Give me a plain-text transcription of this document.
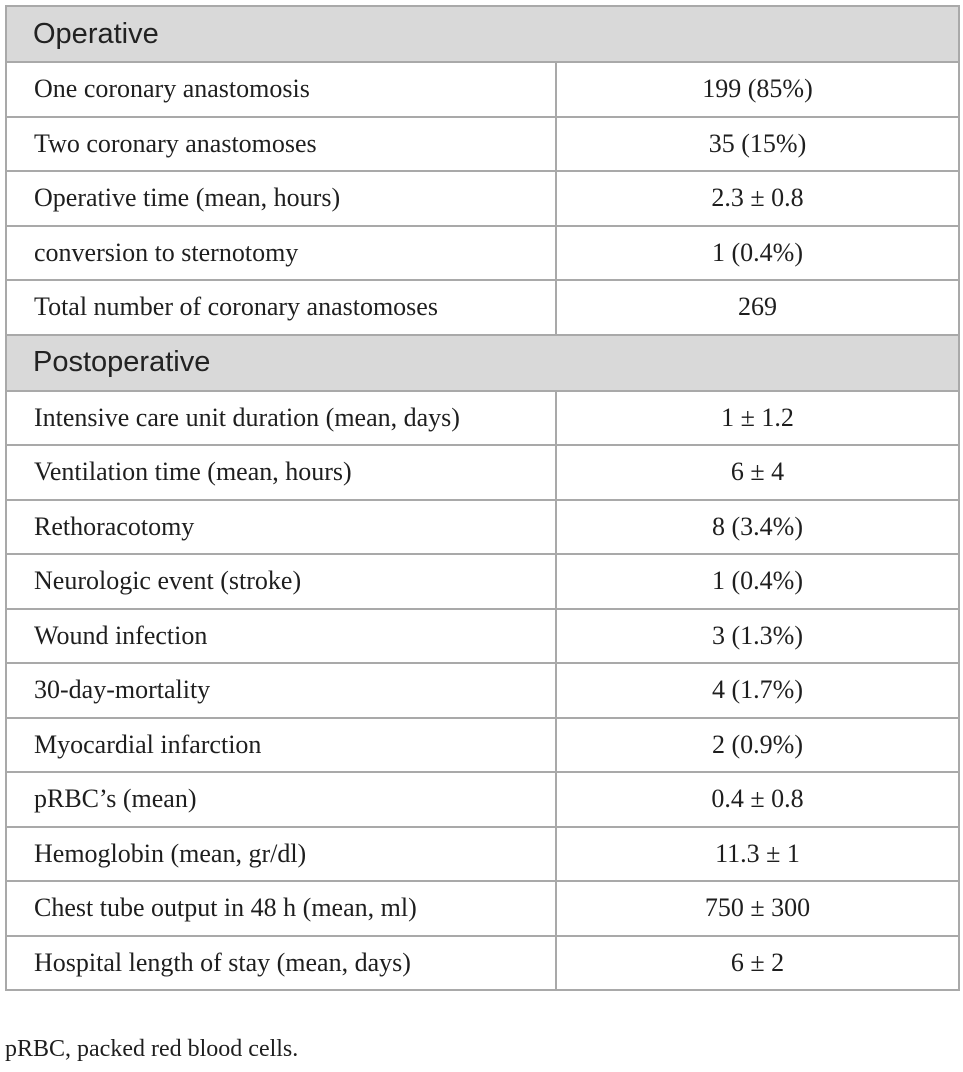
Operative	
One coronary anastomosis	199 (85%)
Two coronary anastomoses	35 (15%)
Operative time (mean, hours)	2.3 ± 0.8
conversion to sternotomy	1 (0.4%)
Total number of coronary anastomoses	269
Postoperative	
Intensive care unit duration (mean, days)	1 ± 1.2
Ventilation time (mean, hours)	6 ± 4
Rethoracotomy	8 (3.4%)
Neurologic event (stroke)	1 (0.4%)
Wound infection	3 (1.3%)
30-day-mortality	4 (1.7%)
Myocardial infarction	2 (0.9%)
pRBC’s (mean)	0.4 ± 0.8
Hemoglobin (mean, gr/dl)	11.3 ± 1
Chest tube output in 48 h (mean, ml)	750 ± 300
Hospital length of stay (mean, days)	6 ± 2
pRBC, packed red blood cells.
